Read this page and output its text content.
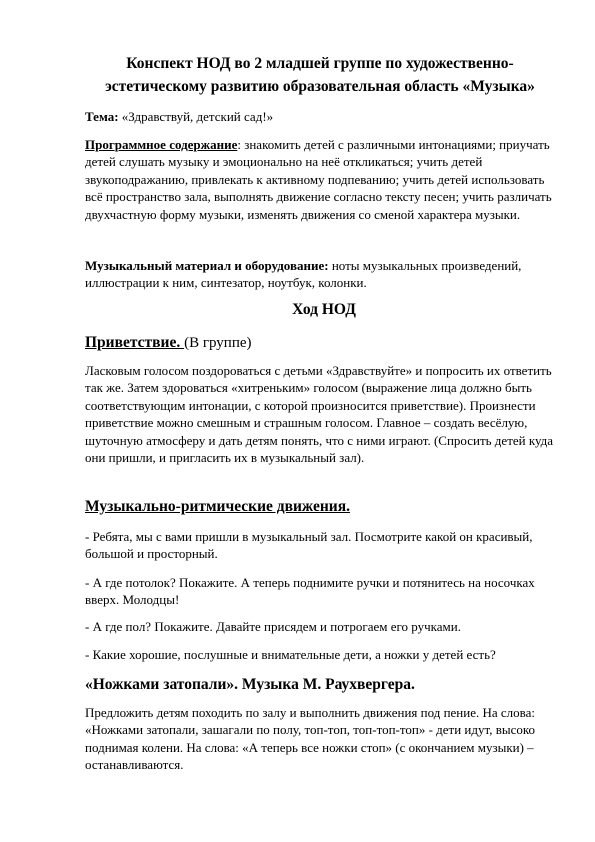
Конспект НОД во 2 младшей группе по художественно-
эстетическому развитию образовательная область «Музыка»
Тема: «Здравствуй, детский сад!»
Программное содержание: знакомить детей с различными интонациями; приучать детей слушать музыку и эмоционально на неё откликаться; учить детей звукоподражанию, привлекать к активному подпеванию; учить детей использовать всё пространство зала, выполнять движение согласно тексту песен; учить различать двухчастную форму музыки, изменять движения со сменой характера музыки.
Музыкальный материал и оборудование: ноты музыкальных произведений, иллюстрации к ним, синтезатор, ноутбук, колонки.
Ход НОД
Приветствие. (В группе)
Ласковым голосом поздороваться с детьми «Здравствуйте» и попросить их ответить так же. Затем здороваться «хитреньким» голосом (выражение лица должно быть соответствующим интонации, с которой произносится приветствие). Произнести приветствие можно смешным и страшным голосом. Главное – создать весёлую, шуточную атмосферу и дать детям понять, что с ними играют. (Спросить детей куда они пришли, и пригласить их в музыкальный зал).
Музыкально-ритмические движения.
- Ребята, мы с вами пришли в музыкальный зал. Посмотрите какой он красивый, большой и просторный.
- А где потолок? Покажите. А теперь поднимите ручки и потянитесь на носочках вверх. Молодцы!
- А где пол? Покажите. Давайте присядем и потрогаем его ручками.
- Какие хорошие, послушные и внимательные дети, а ножки у детей есть?
«Ножками затопали». Музыка М. Раухвергера.
Предложить детям походить по залу и выполнить движения под пение. На слова: «Ножками затопали, зашагали по полу, топ-топ, топ-топ-топ» - дети идут, высоко поднимая колени. На слова: «А теперь все ножки стоп» (с окончанием музыки) – останавливаются.
